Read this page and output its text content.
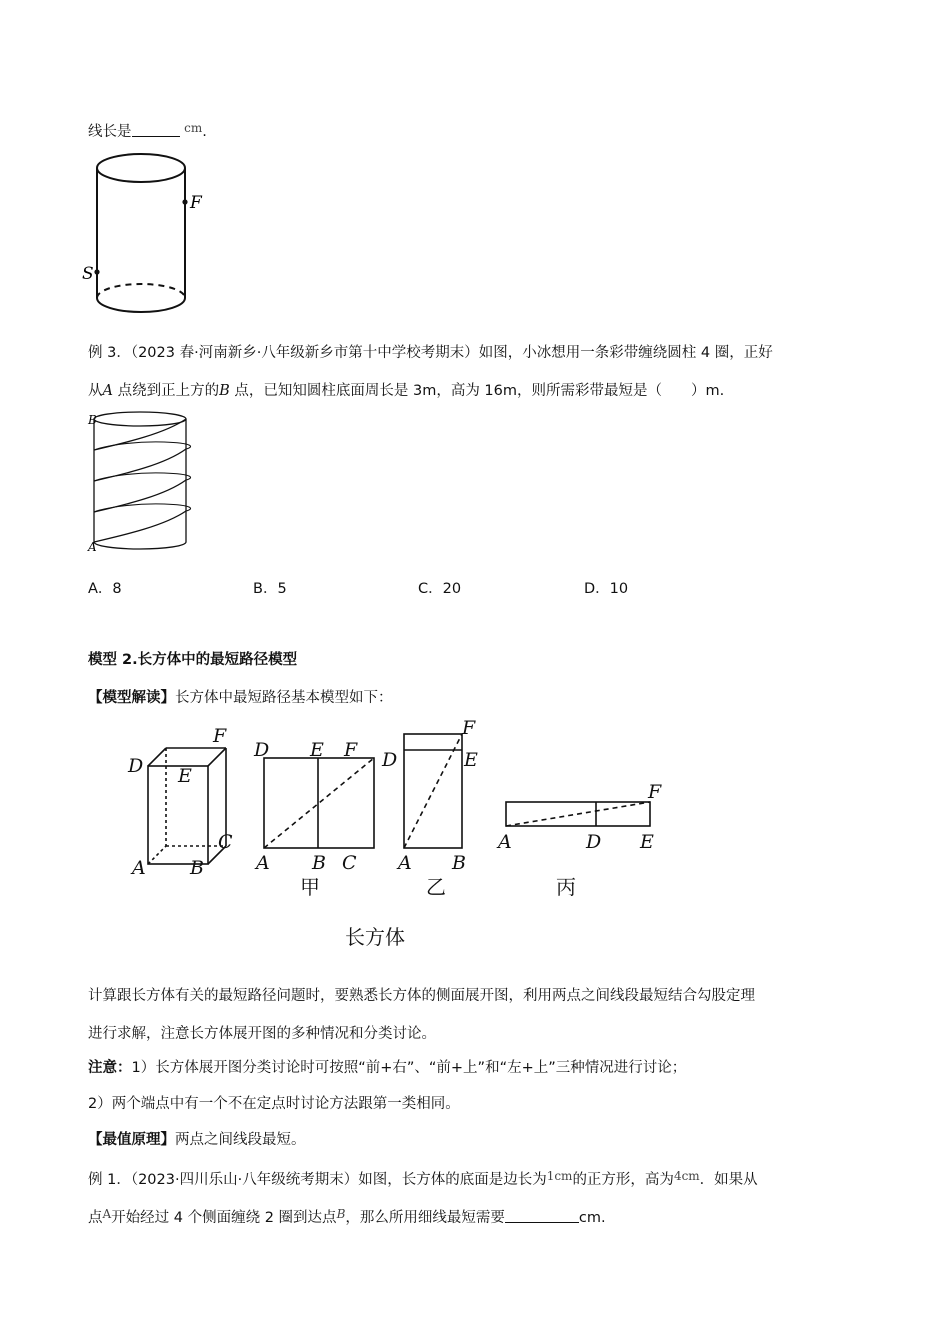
线长是	$^{cm}$.
F
S
例 3．（2023 春·河南新乡·八年级新乡市第十中学校考期末）如图，小冰想用一条彩带缠绕圆柱 4 圈，正好
从A 点绕到正上方的B 点，已知知圆柱底面周长是 3m，高为 16m，则所需彩带最短是（　　）m.
B
A
A．8	B．5	C．20	D．10
模型 2.长方体中的最短路径模型
【模型解读】长方体中最短路径基本模型如下：
D
F
E
C
A B
D E F
A B C
D
F
E
A B
F
A	D E
甲	乙	丙
长方体
计算跟长方体有关的最短路径问题时，要熟悉长方体的侧面展开图，利用两点之间线段最短结合勾股定理
进行求解，注意长方体展开图的多种情况和分类讨论。
注意：1）长方体展开图分类讨论时可按照“前+右”、“前+上”和“左+上”三种情况进行讨论；
2）两个端点中有一个不在定点时讨论方法跟第一类相同。
【最值原理】两点之间线段最短。
例 1．（2023·四川乐山·八年级统考期末）如图，长方体的底面是边长为$^{1cm}$的正方形，高为$^{4cm}$．如果从
点$^A$开始经过 4 个侧面缠绕 2 圈到达点$^B$，那么所用细线最短需要	cm.
